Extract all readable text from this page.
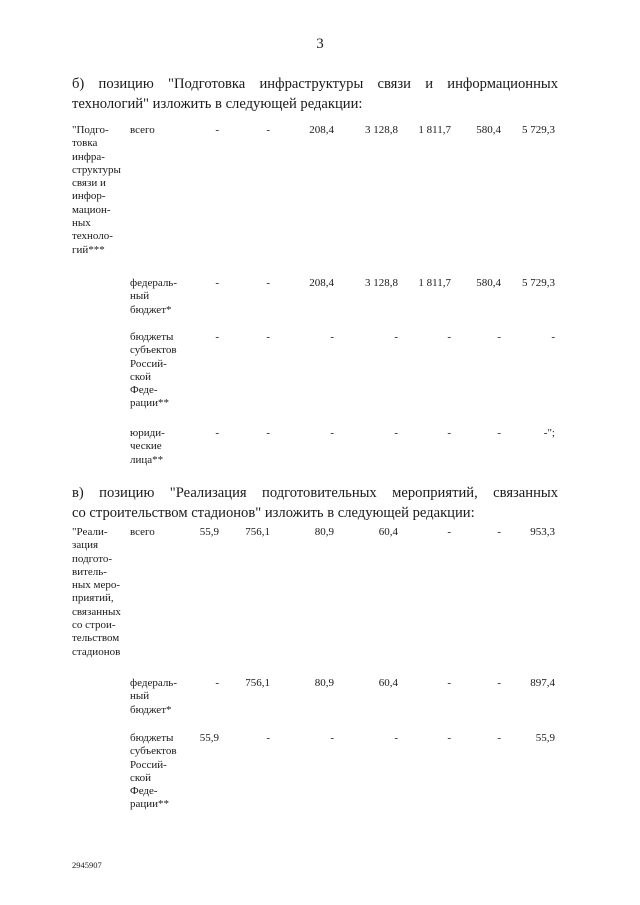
3
б) позицию "Подготовка инфраструктуры связи и информационных
технологий" изложить в следующей редакции:
"Подго-
товка
инфра-
структуры
связи и
инфор-
мацион-
ных
техноло-
гий***
всего	-	-	208,4	3 128,8	1 811,7	580,4	5 729,3
федераль-
ный
бюджет*
-	-	208,4	3 128,8	1 811,7	580,4	5 729,3
бюджеты
субъектов
Россий-
ской
Феде-
рации**
-	-	-	-	-	-	-
юриди-
ческие
лица**
-	-	-	-	-	-	-";
в) позицию "Реализация подготовительных мероприятий, связанных
со строительством стадионов" изложить в следующей редакции:
"Реали-
зация
подгото-
витель-
ных меро-
приятий,
связанных
со строи-
тельством
стадионов
всего	55,9	756,1	80,9	60,4	-	-	953,3
федераль-
ный
бюджет*
-	756,1	80,9	60,4	-	-	897,4
бюджеты
субъектов
Россий-
ской
Феде-
рации**
55,9	-	-	-	-	-	55,9
2945907
